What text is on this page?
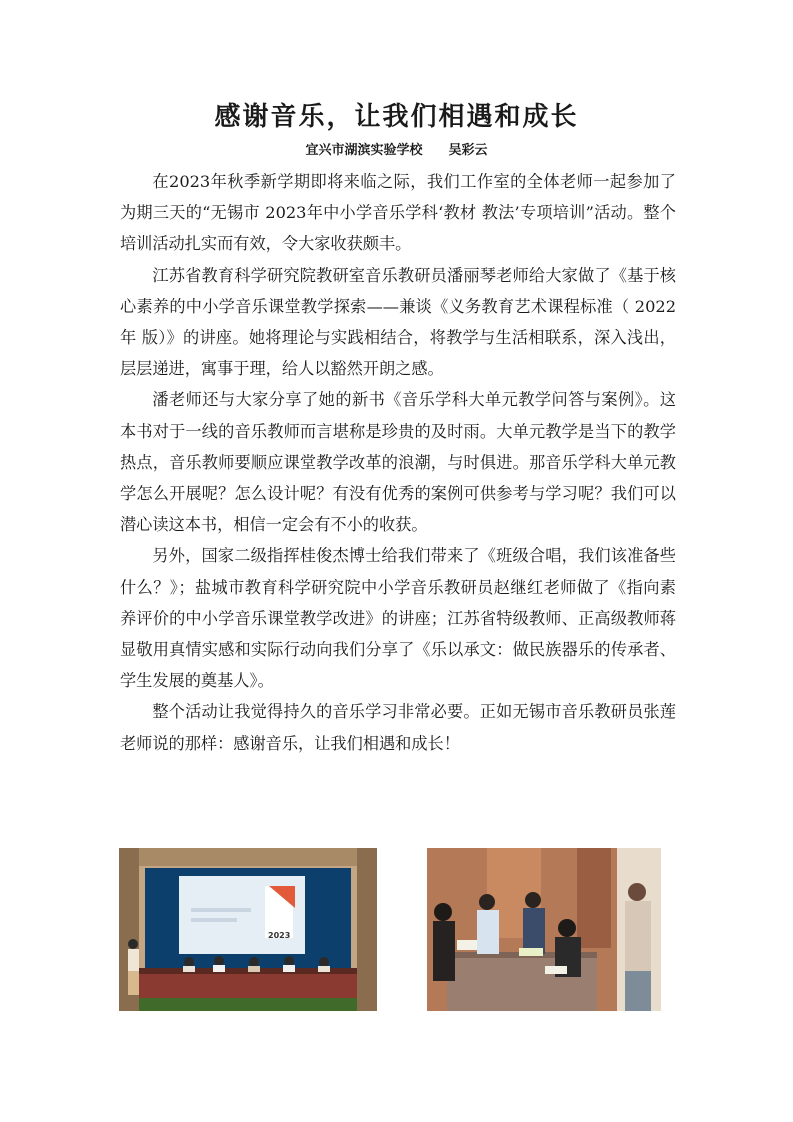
感谢音乐，让我们相遇和成长
宜兴市湖滨实验学校 吴彩云

在2023年秋季新学期即将来临之际，我们工作室的全体老师一起参加了为期三天的“无锡市 2023年中小学音乐学科‘教材 教法’专项培训”活动。整个培训活动扎实而有效，令大家收获颇丰。

江苏省教育科学研究院教研室音乐教研员潘丽琴老师给大家做了《基于核心素养的中小学音乐课堂教学探索——兼谈《义务教育艺术课程标准（ 2022 年 版）》的讲座。她将理论与实践相结合，将教学与生活相联系，深入浅出，层层递进，寓事于理，给人以豁然开朗之感。

潘老师还与大家分享了她的新书《音乐学科大单元教学问答与案例》。这本书对于一线的音乐教师而言堪称是珍贵的及时雨。大单元教学是当下的教学热点，音乐教师要顺应课堂教学改革的浪潮，与时俱进。那音乐学科大单元教学怎么开展呢？怎么设计呢？有没有优秀的案例可供参考与学习呢？我们可以潜心读这本书，相信一定会有不小的收获。

另外，国家二级指挥桂俊杰博士给我们带来了《班级合唱，我们该准备些什么？》；盐城市教育科学研究院中小学音乐教研员赵继红老师做了《指向素养评价的中小学音乐课堂教学改进》的讲座；江苏省特级教师、正高级教师蒋显敬用真情实感和实际行动向我们分享了《乐以承文：做民族器乐的传承者、学生发展的奠基人》。

整个活动让我觉得持久的音乐学习非常必要。正如无锡市音乐教研员张莲老师说的那样：感谢音乐，让我们相遇和成长！

2023
